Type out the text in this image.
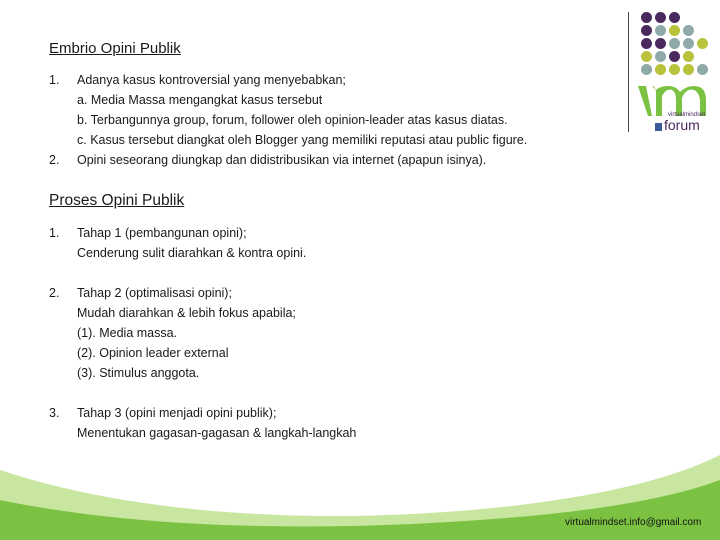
Embrio Opini Publik
1. Adanya kasus kontroversial yang menyebabkan;
a. Media Massa mengangkat kasus tersebut
b. Terbangunnya group, forum, follower oleh opinion-leader atas kasus diatas.
c. Kasus tersebut diangkat oleh Blogger yang memiliki reputasi atau public figure.
2. Opini seseorang diungkap dan didistribusikan via internet (apapun isinya).
Proses Opini Publik
1. Tahap 1 (pembangunan opini);
Cenderung sulit diarahkan & kontra opini.
2. Tahap 2 (optimalisasi opini);
Mudah diarahkan & lebih fokus apabila;
(1). Media massa.
(2). Opinion leader external
(3). Stimulus anggota.
3. Tahap 3 (opini menjadi opini publik);
Menentukan gagasan-gagasan & langkah-langkah
virtualmindset
forum
virtualmindset.info@gmail.com
